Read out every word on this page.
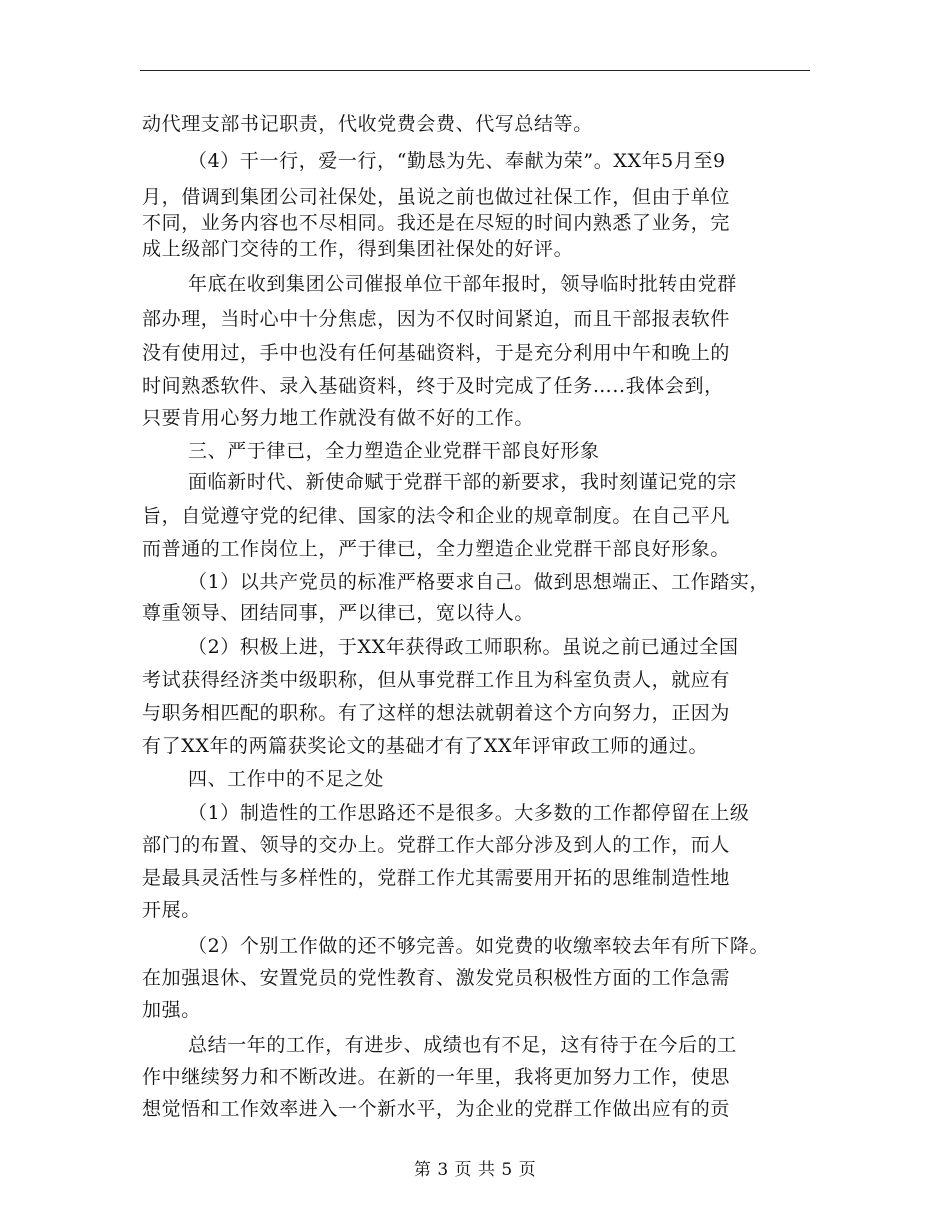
动代理支部书记职责，代收党费会费、代写总结等。
（4）干一行，爱一行，“勤恳为先、奉献为荣”。XX年5月至9
月，借调到集团公司社保处，虽说之前也做过社保工作，但由于单位
不同，业务内容也不尽相同。我还是在尽短的时间内熟悉了业务，完
成上级部门交待的工作，得到集团社保处的好评。
年底在收到集团公司催报单位干部年报时，领导临时批转由党群
部办理，当时心中十分焦虑，因为不仅时间紧迫，而且干部报表软件
没有使用过，手中也没有任何基础资料，于是充分利用中午和晚上的
时间熟悉软件、录入基础资料，终于及时完成了任务…..我体会到，
只要肯用心努力地工作就没有做不好的工作。
三、严于律已，全力塑造企业党群干部良好形象
面临新时代、新使命赋于党群干部的新要求，我时刻谨记党的宗
旨，自觉遵守党的纪律、国家的法令和企业的规章制度。在自己平凡
而普通的工作岗位上，严于律已，全力塑造企业党群干部良好形象。
（1）以共产党员的标准严格要求自己。做到思想端正、工作踏实，
尊重领导、团结同事，严以律已，宽以待人。
（2）积极上进，于XX年获得政工师职称。虽说之前已通过全国
考试获得经济类中级职称，但从事党群工作且为科室负责人，就应有
与职务相匹配的职称。有了这样的想法就朝着这个方向努力，正因为
有了XX年的两篇获奖论文的基础才有了XX年评审政工师的通过。
四、工作中的不足之处
（1）制造性的工作思路还不是很多。大多数的工作都停留在上级
部门的布置、领导的交办上。党群工作大部分涉及到人的工作，而人
是最具灵活性与多样性的，党群工作尤其需要用开拓的思维制造性地
开展。
（2）个别工作做的还不够完善。如党费的收缴率较去年有所下降。
在加强退休、安置党员的党性教育、激发党员积极性方面的工作急需
加强。
总结一年的工作，有进步、成绩也有不足，这有待于在今后的工
作中继续努力和不断改进。在新的一年里，我将更加努力工作，使思
想觉悟和工作效率进入一个新水平，为企业的党群工作做出应有的贡
第 3 页 共 5 页
